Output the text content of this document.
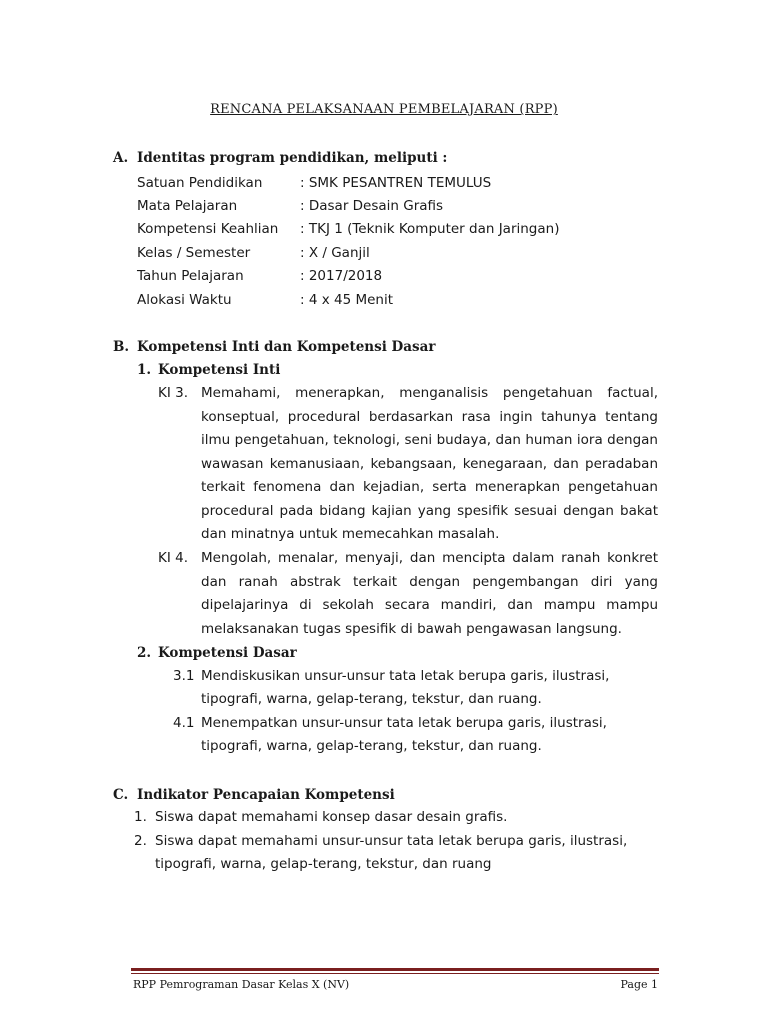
RENCANA PELAKSANAAN PEMBELAJARAN (RPP)
A. Identitas program pendidikan, meliputi :
Satuan Pendidikan	: SMK PESANTREN TEMULUS
Mata Pelajaran	: Dasar Desain Grafis
Kompetensi Keahlian : TKJ 1 (Teknik Komputer dan Jaringan)
Kelas / Semester	: X / Ganjil
Tahun Pelajaran	: 2017/2018
Alokasi Waktu	: 4 x 45 Menit
B. Kompetensi Inti dan Kompetensi Dasar
1. Kompetensi Inti
KI 3. Memahami, menerapkan, menganalisis pengetahuan factual, konseptual, procedural berdasarkan rasa ingin tahunya tentang ilmu pengetahuan, teknologi, seni budaya, dan human iora dengan wawasan kemanusiaan, kebangsaan, kenegaraan, dan peradaban terkait fenomena dan kejadian, serta menerapkan pengetahuan procedural pada bidang kajian yang spesifik sesuai dengan bakat dan minatnya untuk memecahkan masalah.
KI 4. Mengolah, menalar, menyaji, dan mencipta dalam ranah konkret dan ranah abstrak terkait dengan pengembangan diri yang dipelajarinya di sekolah secara mandiri, dan mampu mampu melaksanakan tugas spesifik di bawah pengawasan langsung.
2. Kompetensi Dasar
3.1 Mendiskusikan unsur-unsur tata letak berupa garis, ilustrasi,
tipografi, warna, gelap-terang, tekstur, dan ruang.
4.1 Menempatkan unsur-unsur tata letak berupa garis, ilustrasi,
tipografi, warna, gelap-terang, tekstur, dan ruang.
C. Indikator Pencapaian Kompetensi
1. Siswa dapat memahami konsep dasar desain grafis.
2. Siswa dapat memahami unsur-unsur tata letak berupa garis, ilustrasi,
tipografi, warna, gelap-terang, tekstur, dan ruang
RPP Pemrograman Dasar Kelas X (NV)	Page 1
